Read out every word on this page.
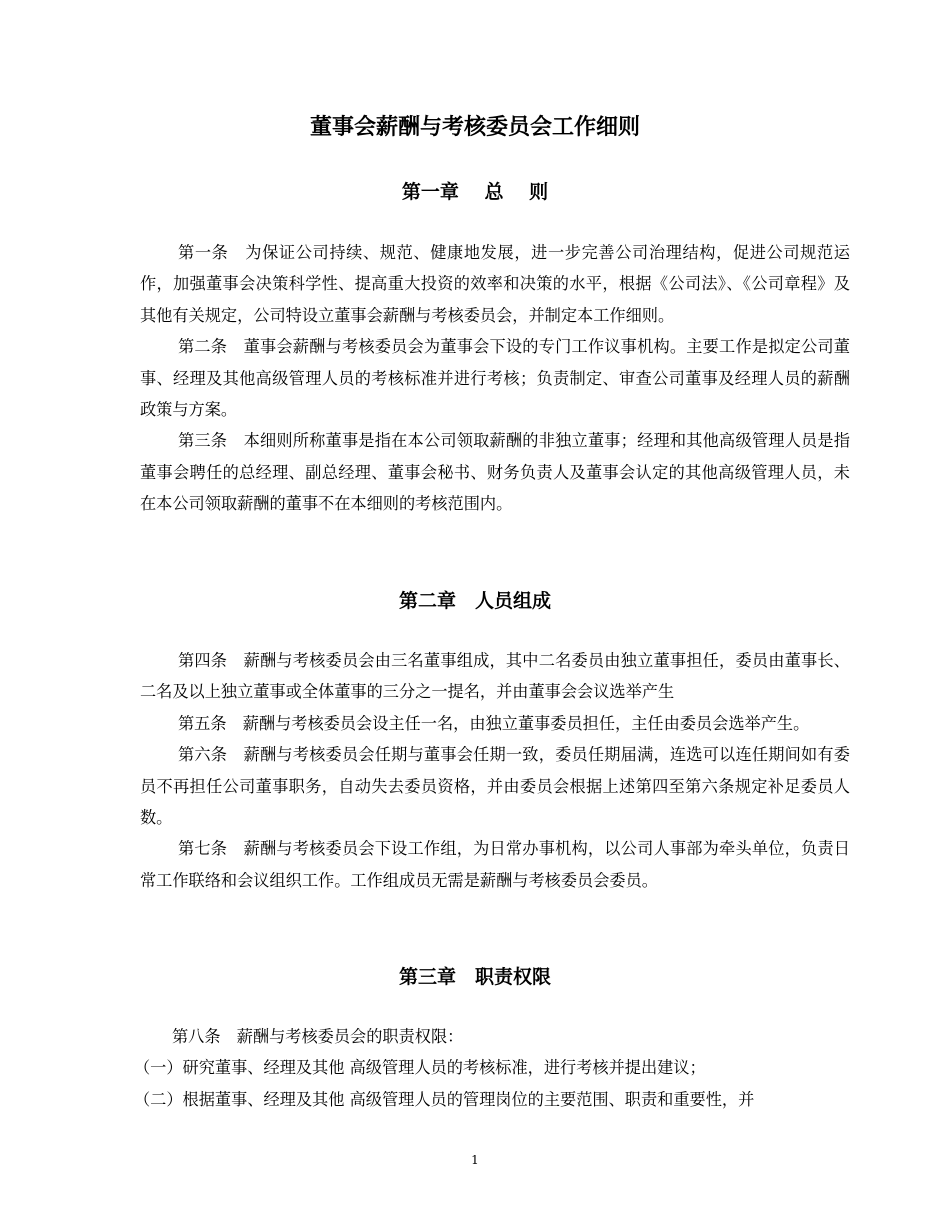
董事会薪酬与考核委员会工作细则
第一章　 总　 则

第一条　为保证公司持续、规范、健康地发展，进一步完善公司治理结构，促进公司规范运作，加强董事会决策科学性、提高重大投资的效率和决策的水平，根据《公司法》、《公司章程》及其他有关规定，公司特设立董事会薪酬与考核委员会，并制定本工作细则。

第二条　董事会薪酬与考核委员会为董事会下设的专门工作议事机构。主要工作是拟定公司董事、经理及其他高级管理人员的考核标准并进行考核；负责制定、审查公司董事及经理人员的薪酬政策与方案。

第三条　本细则所称董事是指在本公司领取薪酬的非独立董事；经理和其他高级管理人员是指董事会聘任的总经理、副总经理、董事会秘书、财务负责人及董事会认定的其他高级管理人员，未在本公司领取薪酬的董事不在本细则的考核范围内。

第二章　人员组成

第四条　薪酬与考核委员会由三名董事组成，其中二名委员由独立董事担任，委员由董事长、二名及以上独立董事或全体董事的三分之一提名，并由董事会会议选举产生

第五条　薪酬与考核委员会设主任一名，由独立董事委员担任，主任由委员会选举产生。

第六条　薪酬与考核委员会任期与董事会任期一致，委员任期届满，连选可以连任期间如有委员不再担任公司董事职务，自动失去委员资格，并由委员会根据上述第四至第六条规定补足委员人数。

第七条　薪酬与考核委员会下设工作组，为日常办事机构，以公司人事部为牵头单位，负责日常工作联络和会议组织工作。工作组成员无需是薪酬与考核委员会委员。

第三章　职责权限

第八条　薪酬与考核委员会的职责权限：

（一）研究董事、经理及其他 高级管理人员的考核标准，进行考核并提出建议；

（二）根据董事、经理及其他 高级管理人员的管理岗位的主要范围、职责和重要性，并

1
